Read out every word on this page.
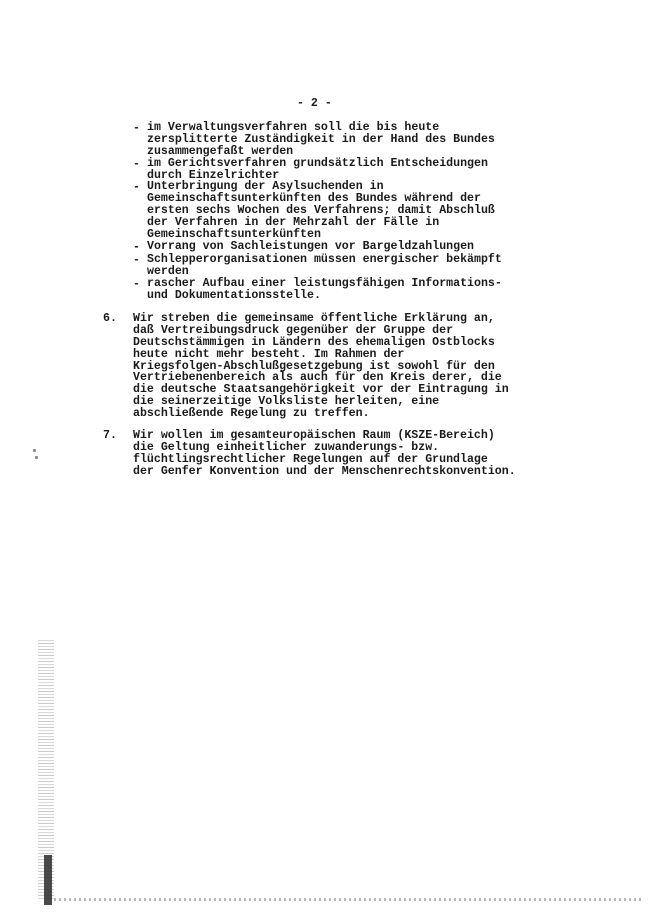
- 2 -
- im Verwaltungsverfahren soll die bis heute
zersplitterte Zuständigkeit in der Hand des Bundes
zusammengefaßt werden
- im Gerichtsverfahren grundsätzlich Entscheidungen
durch Einzelrichter
- Unterbringung der Asylsuchenden in
Gemeinschaftsunterkünften des Bundes während der
ersten sechs Wochen des Verfahrens; damit Abschluß
der Verfahren in der Mehrzahl der Fälle in
Gemeinschaftsunterkünften
- Vorrang von Sachleistungen vor Bargeldzahlungen
- Schlepperorganisationen müssen energischer bekämpft
werden
- rascher Aufbau einer leistungsfähigen Informations-
und Dokumentationsstelle.
6.	Wir streben die gemeinsame öffentliche Erklärung an,
daß Vertreibungsdruck gegenüber der Gruppe der
Deutschstämmigen in Ländern des ehemaligen Ostblocks
heute nicht mehr besteht. Im Rahmen der
Kriegsfolgen-Abschlußgesetzgebung ist sowohl für den
Vertriebenenbereich als auch für den Kreis derer, die
die deutsche Staatsangehörigkeit vor der Eintragung in
die seinerzeitige Volksliste herleiten, eine
abschließende Regelung zu treffen.
7.	Wir wollen im gesamteuropäischen Raum (KSZE-Bereich)
die Geltung einheitlicher zuwanderungs- bzw.
flüchtlingsrechtlicher Regelungen auf der Grundlage
der Genfer Konvention und der Menschenrechtskonvention.
